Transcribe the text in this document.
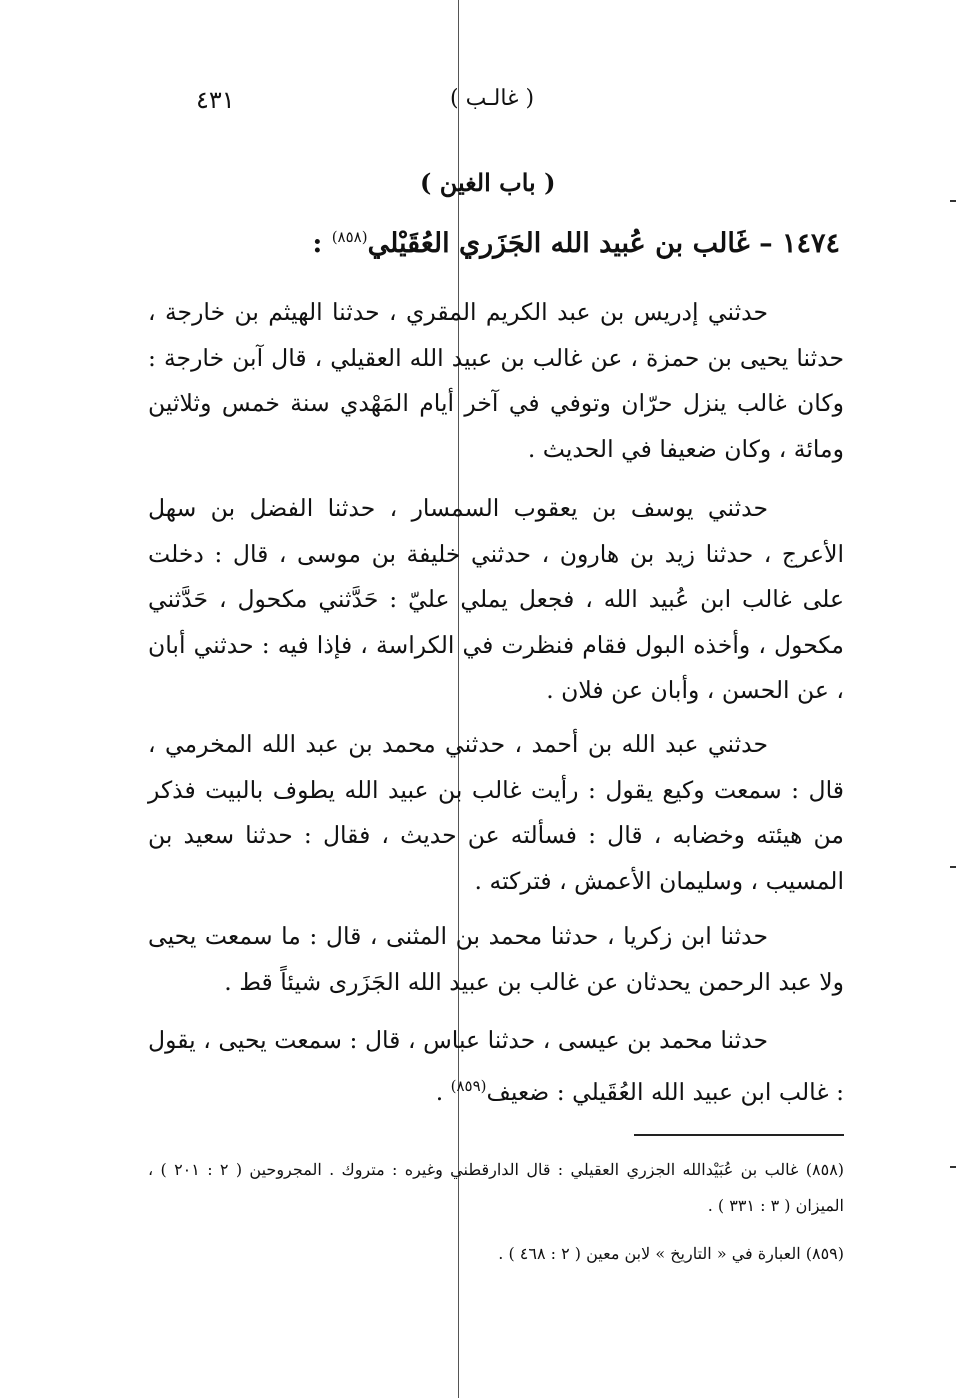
٤٣١	( غالـب )
( باب الغين )
١٤٧٤ – غَالب بن عُبيد الله الجَزَري العُقَيْلي$^{(٨٥٨)}$ :

حدثني إدريس بن عبد الكريم المقري ، حدثنا الهيثم بن خارجة ، حدثنا يحيى بن حمزة ، عن غالب بن عبيد الله العقيلي ، قال آبن خارجة : وكان غالب ينزل حرّان وتوفي في آخر أيام المَهْدي سنة خمس وثلاثين ومائة ، وكان ضعيفا في الحديث .

حدثني يوسف بن يعقوب السمسار ، حدثنا الفضل بن سهل الأعرج ، حدثنا زيد بن هارون ، حدثني خليفة بن موسى ، قال : دخلت على غالب ابن عُبيد الله ، فجعل يملي عليّ : حَدَّثني مكحول ، حَدَّثني مكحول ، وأخذه البول فقام فنظرت في الكراسة ، فإذا فيه : حدثني أبان ، عن الحسن ، وأبان عن فلان .

حدثني عبد الله بن أحمد ، حدثني محمد بن عبد الله المخرمي ، قال : سمعت وكيع يقول : رأيت غالب بن عبيد الله يطوف بالبيت فذكر من هيئته وخضابه ، قال : فسألته عن حديث ، فقال : حدثنا سعيد بن المسيب ، وسليمان الأعمش ، فتركته .

حدثنا ابن زكريا ، حدثنا محمد بن المثنى ، قال : ما سمعت يحيى ولا عبد الرحمن يحدثان عن غالب بن عبيد الله الجَزَرى شيئاً قط .

حدثنا محمد بن عيسى ، حدثنا عباس ، قال : سمعت يحيى ، يقول : غالب ابن عبيد الله العُقَيلي : ضعيف$^{(٨٥٩)}$ .

(٨٥٨) غالب بن عُبَيْدالله الجزري العقيلي : قال الدارقطني وغيره : متروك . المجروحين ( ٢ : ٢٠١ ) ، الميزان ( ٣ : ٣٣١ ) .

(٨٥٩) العبارة في « التاريخ » لابن معين ( ٢ : ٤٦٨ ) .
